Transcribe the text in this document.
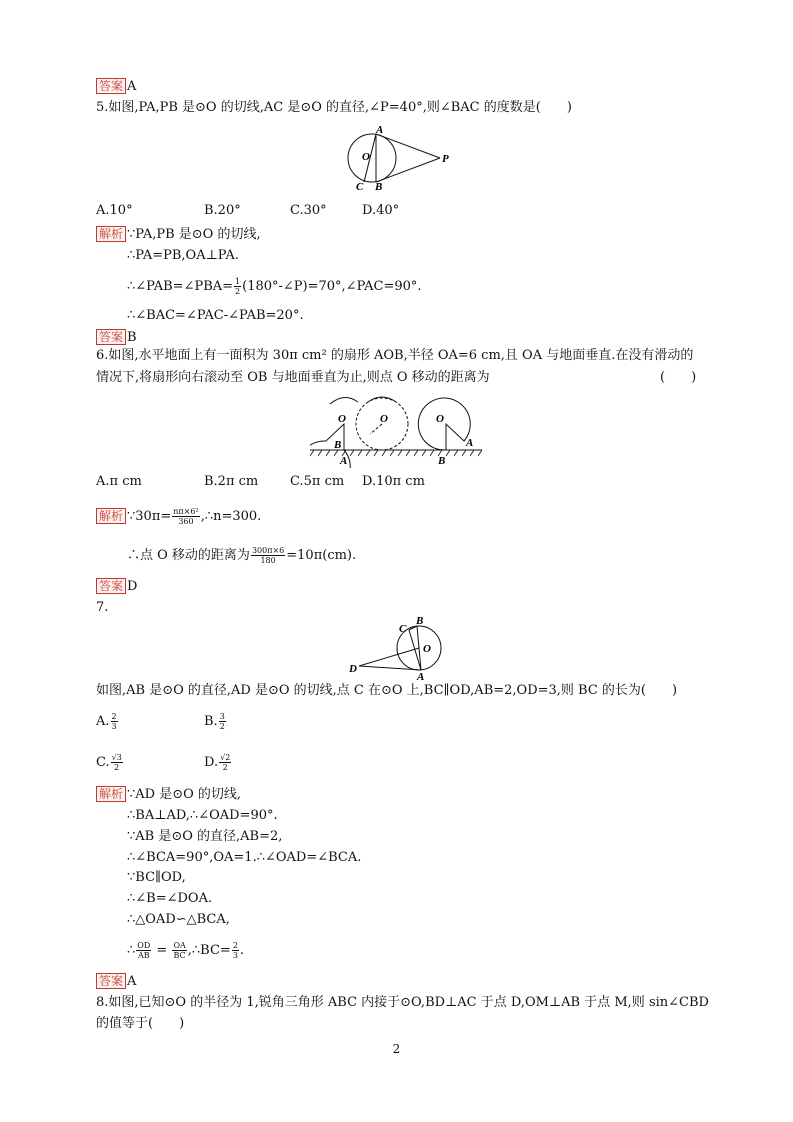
答案 A
5.如图,PA,PB 是⊙O 的切线,AC 是⊙O 的直径,∠P=40°,则∠BAC 的度数是(　　)
A
O	P
C B
A.10°	B.20°	C.30°	D.40°
解析 ∵PA,PB 是⊙O 的切线,
∴PA=PB,OA⊥PA.
∴∠PAB=∠PBA= $\frac{1}{2}$ (180°-∠P)=70°,∠PAC=90°.
∴∠BAC=∠PAC-∠PAB=20°.
答案 B
6.如图,水平地面上有一面积为 30π cm² 的扇形 AOB,半径 OA=6 cm,且 OA 与地面垂直.在没有滑动的
情况下,将扇形向右滚动至 OB 与地面垂直为止,则点 O 移动的距离为	(　　)
O
B
A
O
B
O
A
A.π cm	B.2π cm C.5π cm D.10π cm
解析 ∵30π= $\frac{\text{nπ×6²}}{360}$ ,∴n=300.
∴点 O 移动的距离为 $\frac{300\pi\times 6}{180} =10\pi(cm)$.
答案 D
7.
B
C
O
D
A
如图,AB 是⊙O 的直径,AD 是⊙O 的切线,点 C 在⊙O 上,BC∥OD,AB=2,OD=3,则 BC 的长为(　　)
A. $\frac{2}{3}$	B. $\frac{3}{2}$
C. $\frac{√3}{2}$	D. $\frac{√2}{2}$
解析 ∵AD 是⊙O 的切线,
∴BA⊥AD,∴∠OAD=90°.
∵AB 是⊙O 的直径,AB=2,
∴∠BCA=90°,OA=1.∴∠OAD=∠BCA.
∵BC∥OD,
∴∠B=∠DOA.
∴△OAD∽△BCA,
∴ $\frac{OD}{AB} = \frac{OA}{BC}$ ,∴BC= $\frac{2}{3}$ .
答案 A
8.如图,已知⊙O 的半径为 1,锐角三角形 ABC 内接于⊙O,BD⊥AC 于点 D,OM⊥AB 于点 M,则 sin∠CBD
的值等于(　　)
2
